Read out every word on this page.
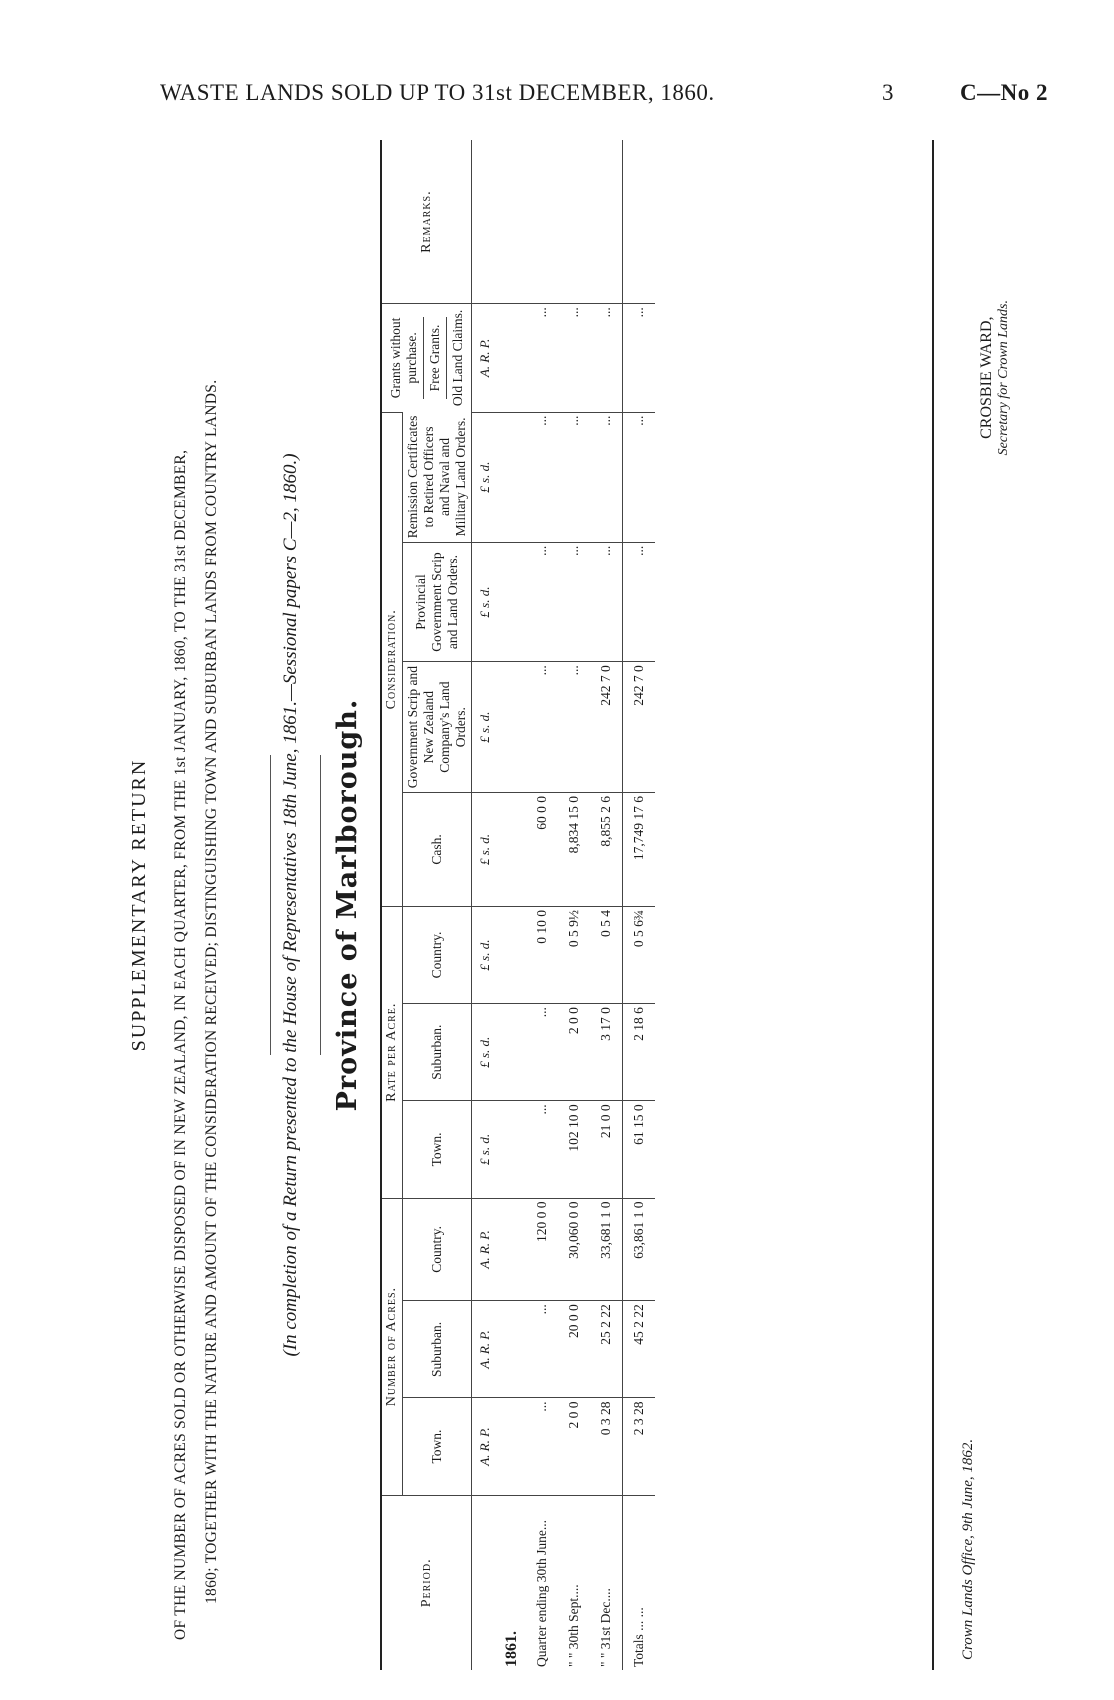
WASTE LANDS SOLD UP TO 31st DECEMBER, 1860.	3	C—No 2
SUPPLEMENTARY RETURN	OF THE NUMBER OF ACRES SOLD OR OTHERWISE DISPOSED OF IN NEW ZEALAND, IN EACH QUARTER, FROM THE 1st JANUARY, 1860, TO THE 31st DECEMBER, 1860; TOGETHER WITH THE NATURE AND AMOUNT OF THE CONSIDERATION RECEIVED; DISTINGUISHING TOWN AND SUBURBAN LANDS FROM COUNTRY LANDS.	(In completion of a Return presented to the House of Representatives 18th June, 1861.—Sessional papers C—2, 1860.) Province of Marlborough.
Period.	Number of Acres.			Rate per Acre.			Consideration.				Grants without purchase. Free Grants. Old Land Claims.	Remarks.
	Town.	Suburban.	Country.	Town.	Suburban.	Country.	Cash.	Government Scrip and New Zealand Company's Land Orders.	Provincial Government Scrip and Land Orders.	Remission Certificates to Retired Officers and Naval and Military Land Orders.		
	A. R. P.	A. R. P.	A. R. P.	£ s. d.	£ s. d.	£ s. d.	£ s. d.	£ s. d.	£ s. d.	£ s. d.	A. R. P.	
1861.												
Quarter ending 30th June...	...	...	120 0 0	...	...	0 10 0	60 0 0	...	...	...	...	
" " 30th Sept....	2 0 0	20 0 0	30,060 0 0	102 10 0	2 0 0	0 5 9½	8,834 15 0	...	...	...	...	
" " 31st Dec....	0 3 28	25 2 22	33,681 1 0	21 0 0	3 17 0	0 5 4	8,855 2 6	242 7 0	...	...	...	
Totals ... ...	2 3 28	45 2 22	63,861 1 0	61 15 0	2 18 6	0 5 6¾	17,749 17 6	242 7 0	...	...	...	
Crown Lands Office, 9th June, 1862.
CROSBIE WARD, Secretary for Crown Lands.
